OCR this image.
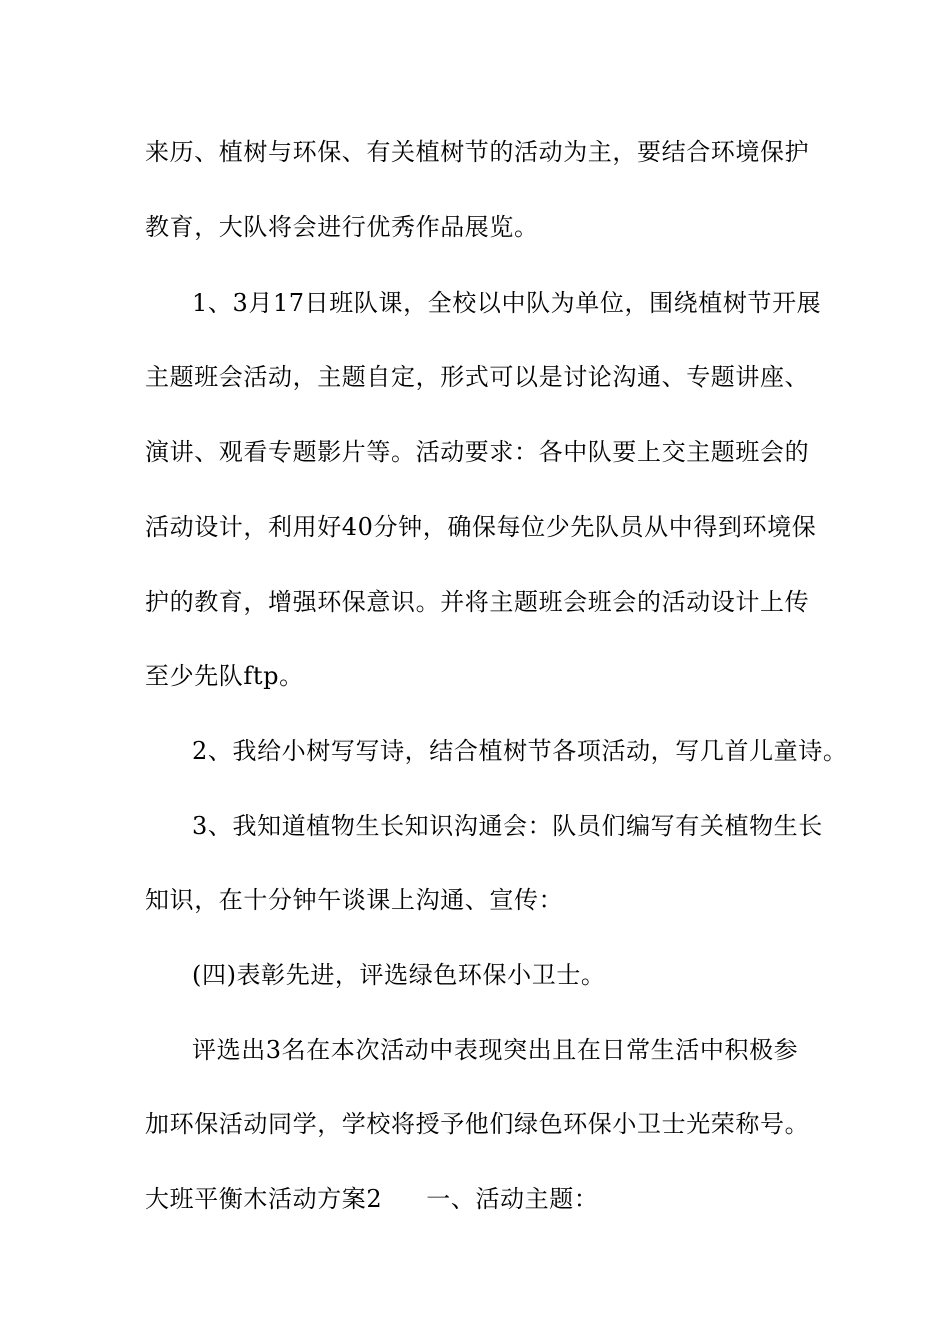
来历、植树与环保、有关植树节的活动为主，要结合环境保护
教育，大队将会进行优秀作品展览。
1、3月17日班队课，全校以中队为单位，围绕植树节开展
主题班会活动，主题自定，形式可以是讨论沟通、专题讲座、
演讲、观看专题影片等。活动要求：各中队要上交主题班会的
活动设计，利用好40分钟，确保每位少先队员从中得到环境保
护的教育，增强环保意识。并将主题班会班会的活动设计上传
至少先队ftp。
2、我给小树写写诗，结合植树节各项活动，写几首儿童诗。
3、我知道植物生长知识沟通会：队员们编写有关植物生长
知识，在十分钟午谈课上沟通、宣传：
(四)表彰先进，评选绿色环保小卫士。
评选出3名在本次活动中表现突出且在日常生活中积极参
加环保活动同学，学校将授予他们绿色环保小卫士光荣称号。
大班平衡木活动方案2 一、活动主题：
